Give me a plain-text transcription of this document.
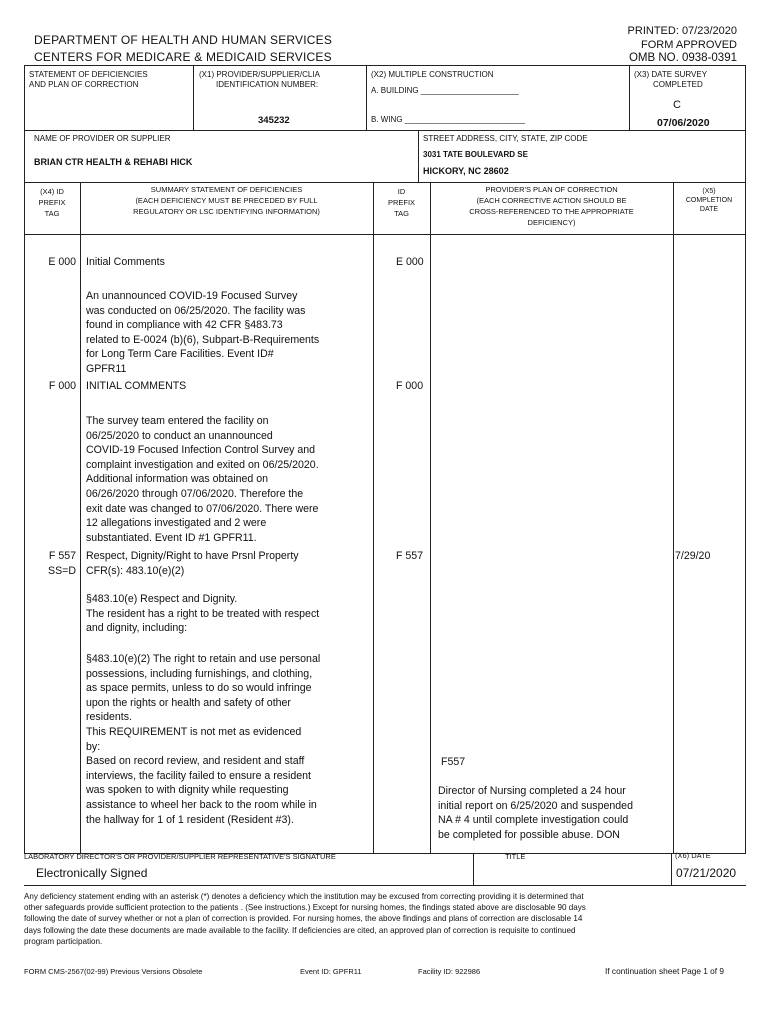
DEPARTMENT OF HEALTH AND HUMAN SERVICES
CENTERS FOR MEDICARE & MEDICAID SERVICES
PRINTED: 07/23/2020
FORM APPROVED
OMB NO. 0938-0391
STATEMENT OF DEFICIENCIES
AND PLAN OF CORRECTION
(X1) PROVIDER/SUPPLIER/CLIA
IDENTIFICATION NUMBER:
345232
(X2) MULTIPLE CONSTRUCTION
A. BUILDING ______________________
B. WING ___________________________
(X3) DATE SURVEY
COMPLETED
C
07/06/2020
NAME OF PROVIDER OR SUPPLIER
BRIAN CTR HEALTH & REHABI HICK
STREET ADDRESS, CITY, STATE, ZIP CODE
3031 TATE BOULEVARD SE
HICKORY, NC 28602
(X4) ID
PREFIX
TAG
SUMMARY STATEMENT OF DEFICIENCIES
(EACH DEFICIENCY MUST BE PRECEDED BY FULL
REGULATORY OR LSC IDENTIFYING INFORMATION)
ID
PREFIX
TAG
PROVIDER'S PLAN OF CORRECTION
(EACH CORRECTIVE ACTION SHOULD BE
CROSS-REFERENCED TO THE APPROPRIATE
DEFICIENCY)
(X5)
COMPLETION
DATE
E 000 Initial Comments	E 000
An unannounced COVID-19 Focused Survey
was conducted on 06/25/2020. The facility was
found in compliance with 42 CFR §483.73
related to E-0024 (b)(6), Subpart-B-Requirements
for Long Term Care Facilities. Event ID#
GPFR11
F 000 INITIAL COMMENTS	F 000
The survey team entered the facility on
06/25/2020 to conduct an unannounced
COVID-19 Focused Infection Control Survey and
complaint investigation and exited on 06/25/2020.
Additional information was obtained on
06/26/2020 through 07/06/2020. Therefore the
exit date was changed to 07/06/2020. There were
12 allegations investigated and 2 were
substantiated. Event ID #1 GPFR11.
F 557
SS=D
Respect, Dignity/Right to have Prsnl Property
CFR(s): 483.10(e)(2)
F 557	7/29/20
§483.10(e) Respect and Dignity.
The resident has a right to be treated with respect
and dignity, including:
§483.10(e)(2) The right to retain and use personal
possessions, including furnishings, and clothing,
as space permits, unless to do so would infringe
upon the rights or health and safety of other
residents.
This REQUIREMENT is not met as evidenced
by:
Based on record review, and resident and staff
interviews, the facility failed to ensure a resident
was spoken to with dignity while requesting
assistance to wheel her back to the room while in
the hallway for 1 of 1 resident (Resident #3).
F557
Director of Nursing completed a 24 hour
initial report on 6/25/2020 and suspended
NA # 4 until complete investigation could
be completed for possible abuse. DON
LABORATORY DIRECTOR'S OR PROVIDER/SUPPLIER REPRESENTATIVE'S SIGNATURE	TITLE	(X6) DATE
Electronically Signed	07/21/2020
Any deficiency statement ending with an asterisk (*) denotes a deficiency which the institution may be excused from correcting providing it is determined that
other safeguards provide sufficient protection to the patients . (See instructions.) Except for nursing homes, the findings stated above are disclosable 90 days
following the date of survey whether or not a plan of correction is provided. For nursing homes, the above findings and plans of correction are disclosable 14
days following the date these documents are made available to the facility. If deficiencies are cited, an approved plan of correction is requisite to continued
program participation.
FORM CMS-2567(02-99) Previous Versions Obsolete	Event ID: GPFR11	Facility ID: 922986	If continuation sheet Page 1 of 9
